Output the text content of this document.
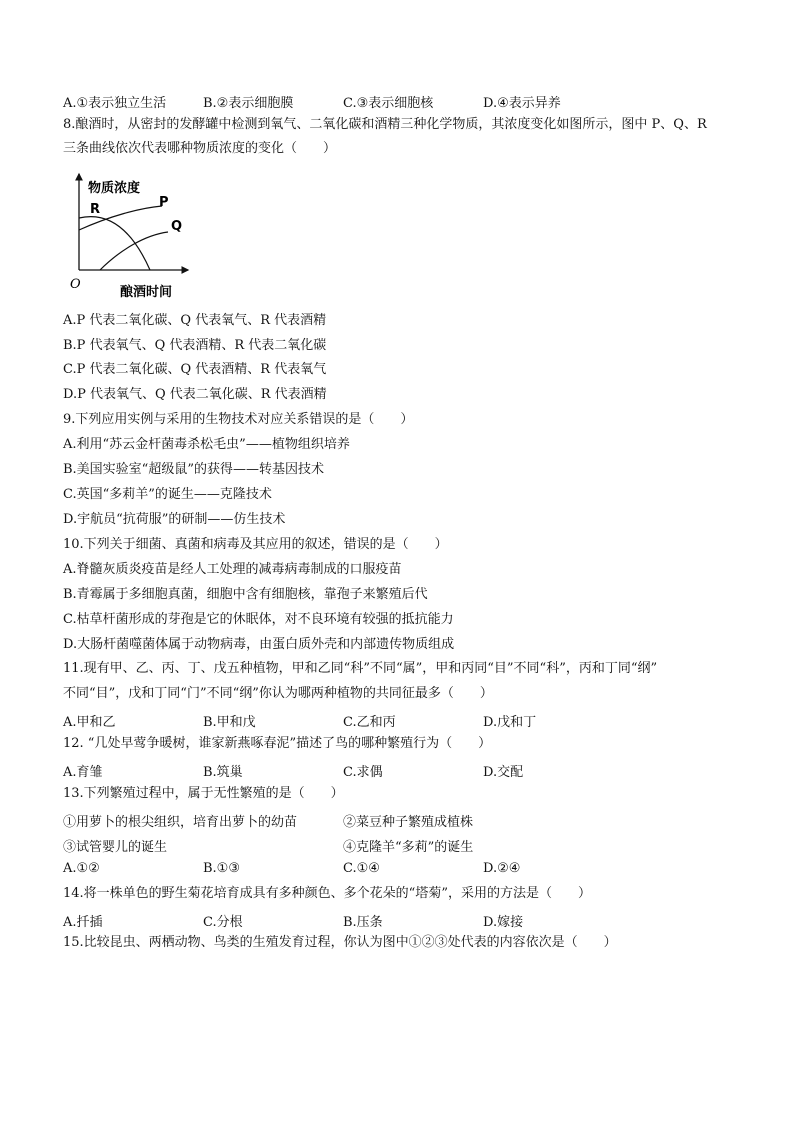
A.①表示独立生活	B.②表示细胞膜	C.③表示细胞核	D.④表示异养
8.酿酒时，从密封的发酵罐中检测到氧气、二氧化碳和酒精三种化学物质，其浓度变化如图所示，图中 P、Q、R
三条曲线依次代表哪种物质浓度的变化（　　）
物质浓度
R	P
Q
O
酿酒时间
A.P 代表二氧化碳、Q 代表氧气、R 代表酒精
B.P 代表氧气、Q 代表酒精、R 代表二氧化碳
C.P 代表二氧化碳、Q 代表酒精、R 代表氧气
D.P 代表氧气、Q 代表二氧化碳、R 代表酒精
9.下列应用实例与采用的生物技术对应关系错误的是（　　）
A.利用“苏云金杆菌毒杀松毛虫”——植物组织培养
B.美国实验室“超级鼠”的获得——转基因技术
C.英国“多莉羊”的诞生——克隆技术
D.宇航员“抗荷服”的研制——仿生技术
10.下列关于细菌、真菌和病毒及其应用的叙述，错误的是（　　）
A.脊髓灰质炎疫苗是经人工处理的减毒病毒制成的口服疫苗
B.青霉属于多细胞真菌，细胞中含有细胞核，靠孢子来繁殖后代
C.枯草杆菌形成的芽孢是它的休眠体，对不良环境有较强的抵抗能力
D.大肠杆菌噬菌体属于动物病毒，由蛋白质外壳和内部遗传物质组成
11.现有甲、乙、丙、丁、戊五种植物，甲和乙同“科”不同“属”，甲和丙同“目”不同“科”，丙和丁同“纲”
不同“目”，戊和丁同“门”不同“纲”你认为哪两种植物的共同征最多（　　）
A.甲和乙	B.甲和戊	C.乙和丙	D.戊和丁
12. “几处早莺争暖树，谁家新燕啄春泥”描述了鸟的哪种繁殖行为（　　）
A.育雏	B.筑巢	C.求偶	D.交配
13.下列繁殖过程中，属于无性繁殖的是（　　）
①用萝卜的根尖组织，培育出萝卜的幼苗	②菜豆种子繁殖成植株
③试管婴儿的诞生	④克隆羊“多莉”的诞生
A.①②	B.①③	C.①④	D.②④
14.将一株单色的野生菊花培育成具有多种颜色、多个花朵的“塔菊”，采用的方法是（　　）
A.扦插	C.分根	B.压条	D.嫁接
15.比较昆虫、两栖动物、鸟类的生殖发育过程，你认为图中①②③处代表的内容依次是（　　）
